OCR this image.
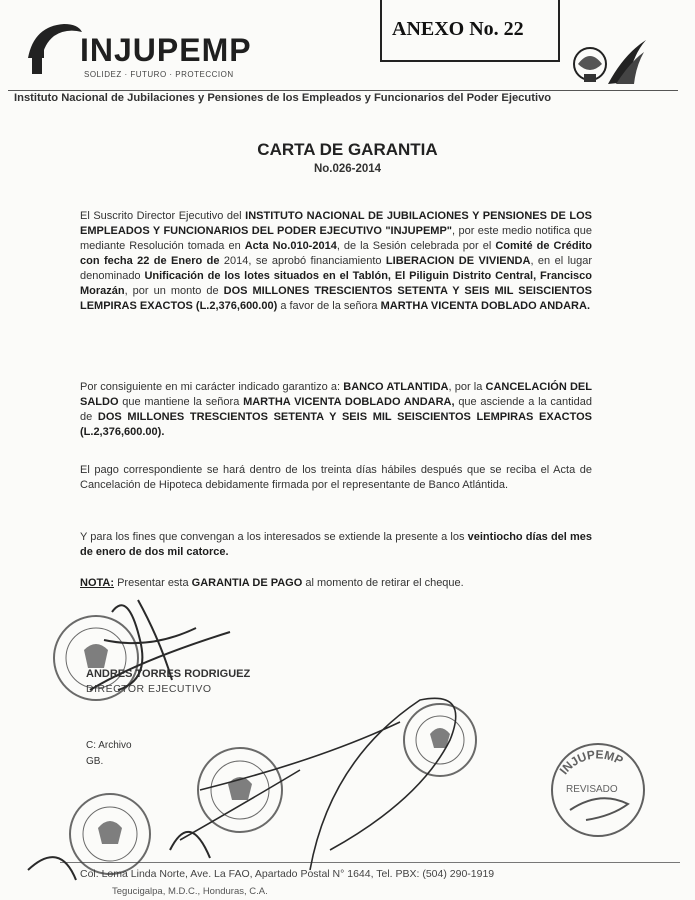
INJUPEMP
SOLIDEZ · FUTURO · PROTECCION
ANEXO No. 22
Instituto Nacional de Jubilaciones y Pensiones de los Empleados y Funcionarios del Poder Ejecutivo
CARTA DE GARANTIA
No.026-2014

El Suscrito Director Ejecutivo del INSTITUTO NACIONAL DE JUBILACIONES Y PENSIONES DE LOS EMPLEADOS Y FUNCIONARIOS DEL PODER EJECUTIVO "INJUPEMP", por este medio notifica que mediante Resolución tomada en Acta No.010-2014, de la Sesión celebrada por el Comité de Crédito con fecha 22 de Enero de 2014, se aprobó financiamiento LIBERACION DE VIVIENDA, en el lugar denominado Unificación de los lotes situados en el Tablón, El Piliguin Distrito Central, Francisco Morazán, por un monto de DOS MILLONES TRESCIENTOS SETENTA Y SEIS MIL SEISCIENTOS LEMPIRAS EXACTOS (L.2,376,600.00) a favor de la señora MARTHA VICENTA DOBLADO ANDARA.

Por consiguiente en mi carácter indicado garantizo a: BANCO ATLANTIDA, por la CANCELACIÓN DEL SALDO que mantiene la señora MARTHA VICENTA DOBLADO ANDARA, que asciende a la cantidad de DOS MILLONES TRESCIENTOS SETENTA Y SEIS MIL SEISCIENTOS LEMPIRAS EXACTOS (L.2,376,600.00).

El pago correspondiente se hará dentro de los treinta días hábiles después que se reciba el Acta de Cancelación de Hipoteca debidamente firmada por el representante de Banco Atlántida.

Y para los fines que convengan a los interesados se extiende la presente a los veintiocho días del mes de enero de dos mil catorce.

NOTA: Presentar esta GARANTIA DE PAGO al momento de retirar el cheque.

ANDRES TORRES RODRIGUEZ
DIRECTOR EJECUTIVO
C: Archivo
GB.
Col. Loma Linda Norte, Ave. La FAO, Apartado Postal N° 1644, Tel. PBX: (504) 290-1919
Tegucigalpa, M.D.C., Honduras, C.A.
INJUPEMP
REVISADO
